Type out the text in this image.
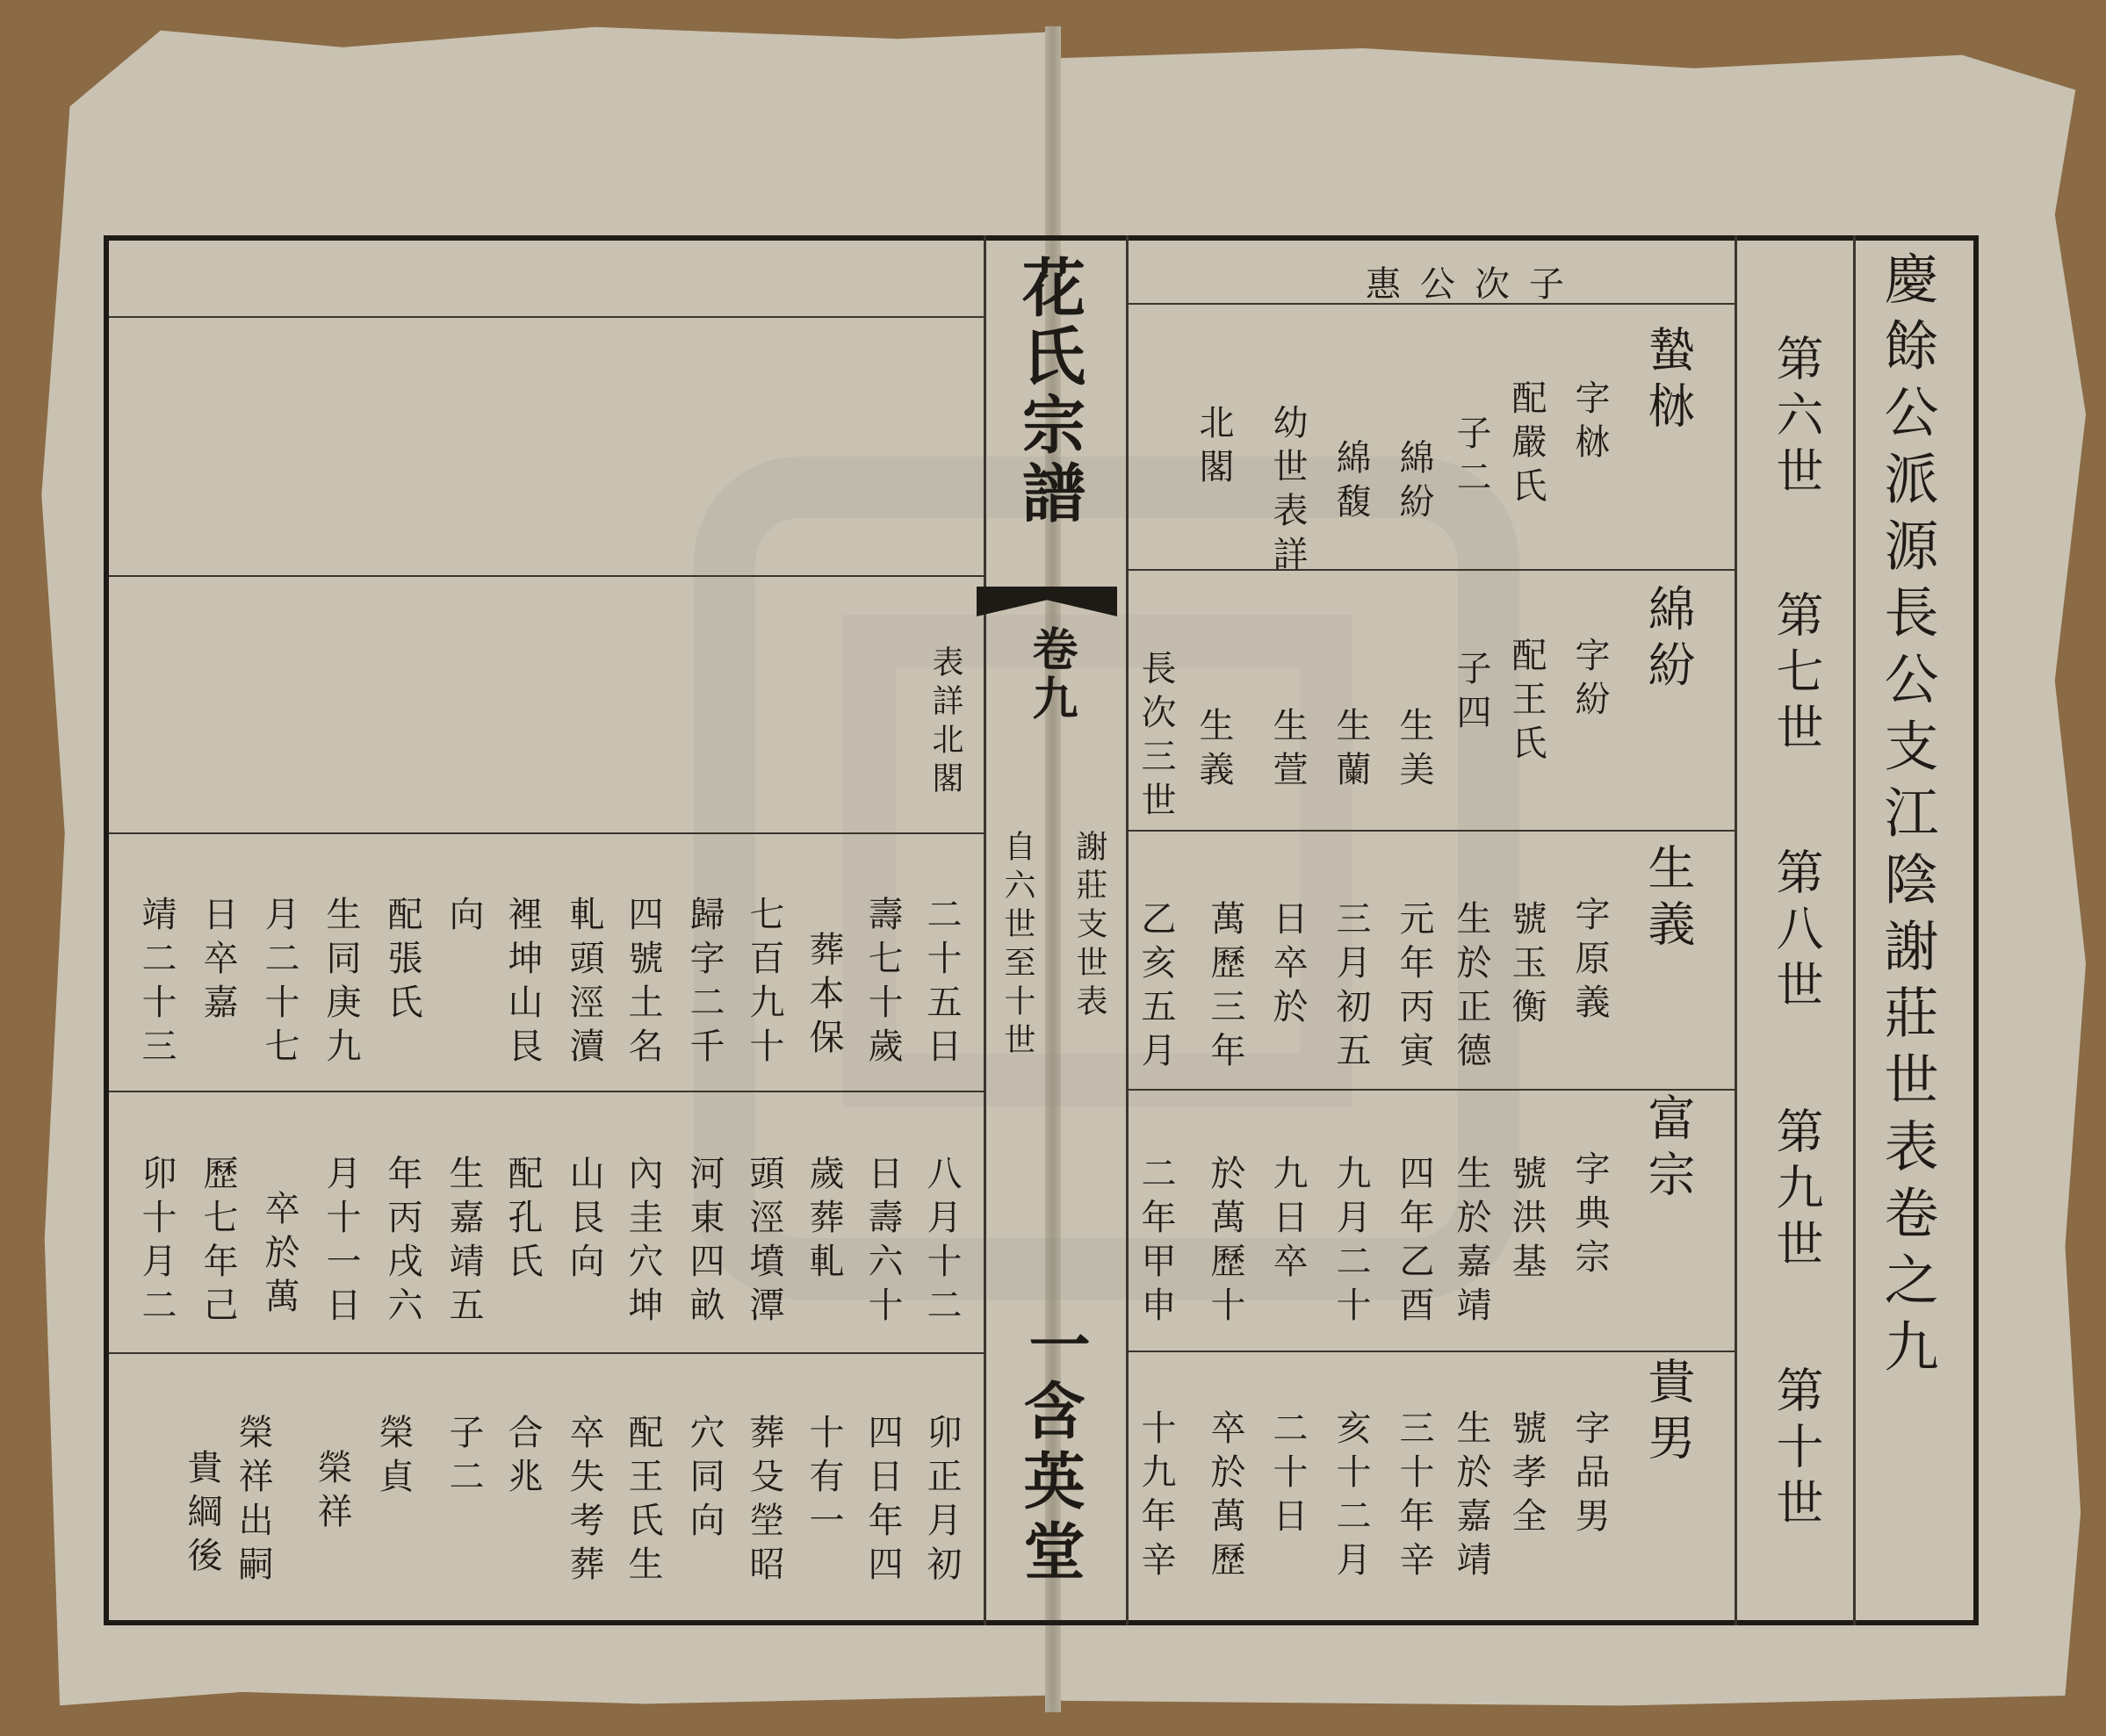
慶餘公派源長公支江陰謝莊世表卷之九
第六世
第七世
第八世
第九世
第十世
花氏宗譜
卷九
自六世至十世 謝莊支世表
表詳北閣
一
含英堂
惠公次子
蟄栤
字栤
配嚴氏
子二
綿紛
綿馥
幼世表詳
北閣
綿紛
字紛
配王氏
子四
生美
生蘭
生萱
生義
長次三世
生義
字原義
號玉衡
生於正德
元年丙寅
三月初五
日卒於
萬歷三年
乙亥五月
富宗
字典宗
號洪基
生於嘉靖
四年乙酉
九月二十
九日卒
於萬歷十
二年甲申
貴男
字品男
號孝全
生於嘉靖
三十年辛
亥十二月
二十日
卒於萬歷
十九年辛
二十五日
壽七十歲
葬本保
七百九十
歸字二千
四號土名
軋頭涇瀆
裡坤山艮
向
配張氏
生同庚九
月二十七
日卒嘉
靖二十三
八月十二
日壽六十
歲葬軋
頭涇墳潭
河東四畝
內圭穴坤
山艮向
配孔氏
生嘉靖五
年丙戌六
月十一日
卒於萬
歷七年己
卯十月二
卯正月初
四日年四
十有一
葬殳塋昭
穴同向
配王氏生
卒失考葬
合兆
子二
榮貞
榮祥
榮祥出嗣
貴綱後
